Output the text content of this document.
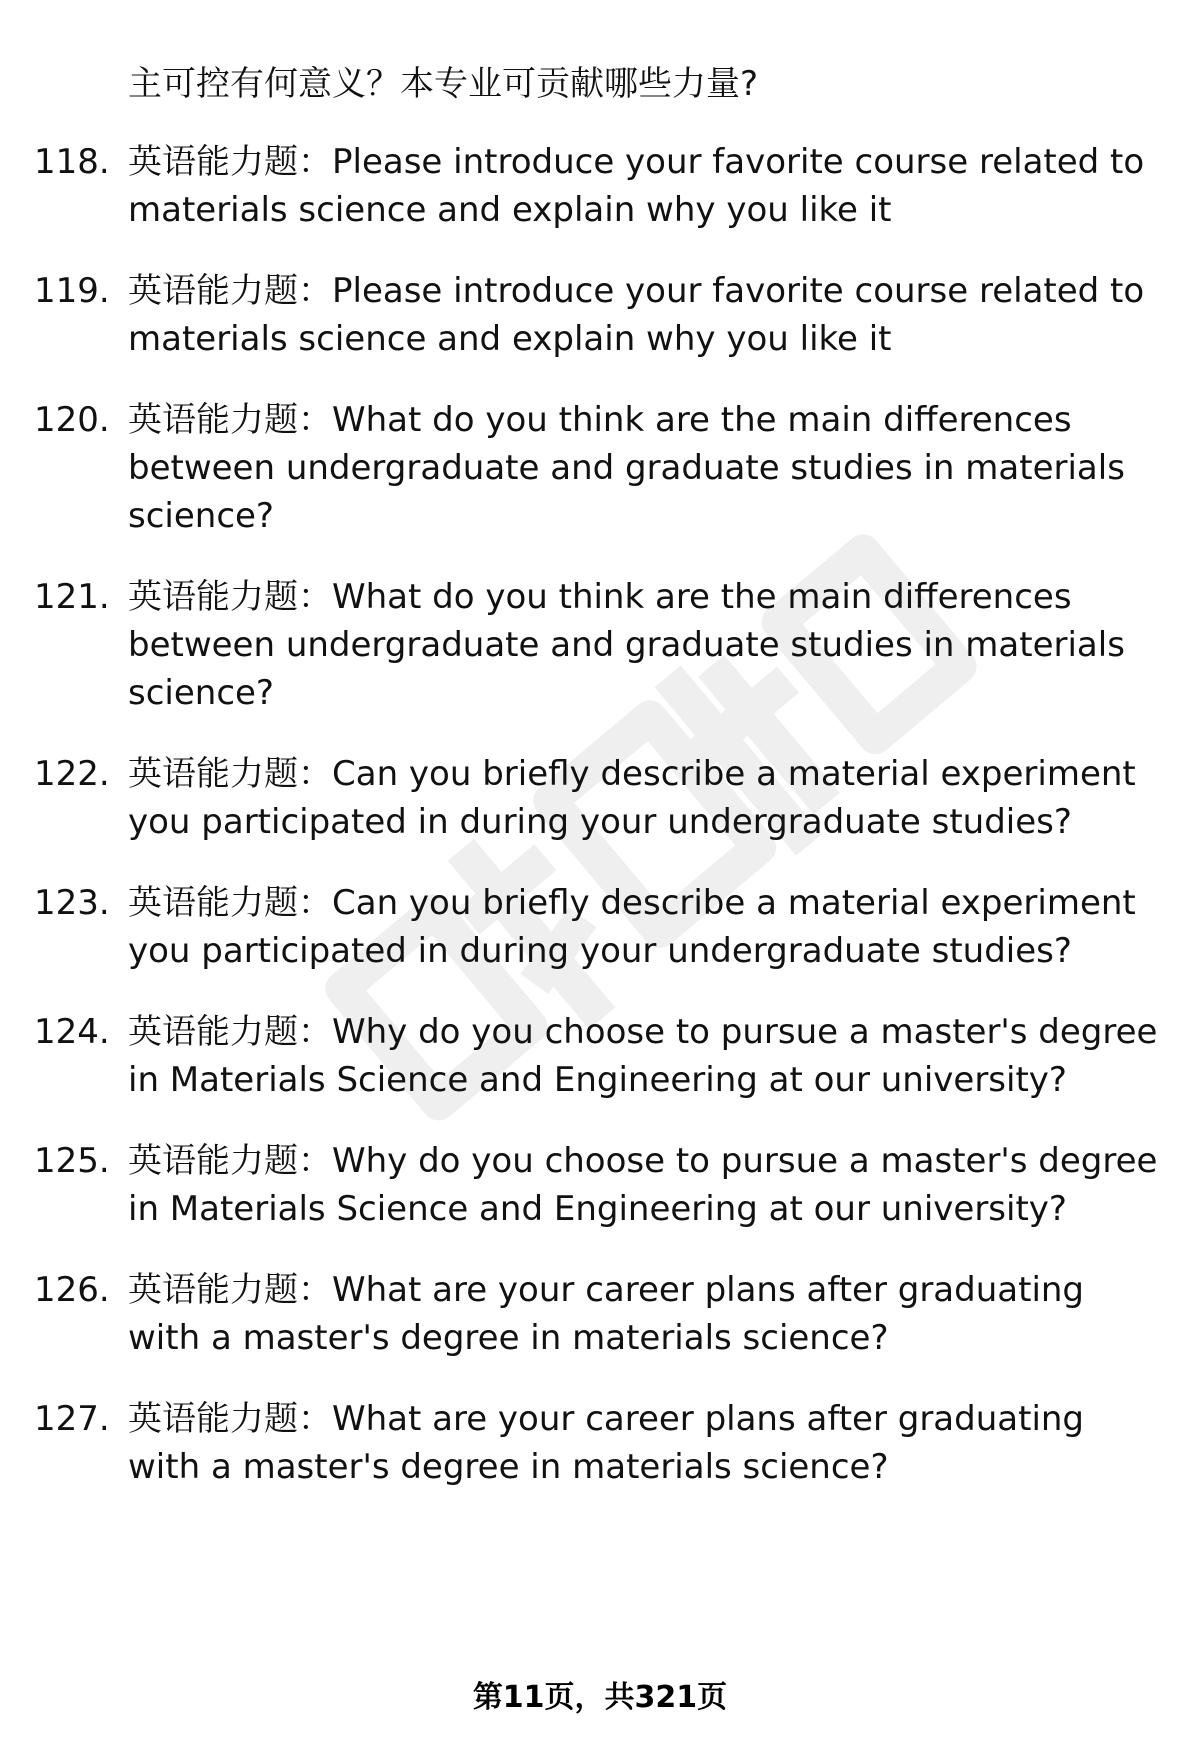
主可控有何意义？本专业可贡献哪些力量?

118. 英语能力题：Please introduce your favorite course related to materials science and explain why you like it
119. 英语能力题：Please introduce your favorite course related to materials science and explain why you like it
120. 英语能力题：What do you think are the main differences between undergraduate and graduate studies in materials science?
121. 英语能力题：What do you think are the main differences between undergraduate and graduate studies in materials science?
122. 英语能力题：Can you briefly describe a material experiment you participated in during your undergraduate studies?
123. 英语能力题：Can you briefly describe a material experiment you participated in during your undergraduate studies?
124. 英语能力题：Why do you choose to pursue a master's degree in Materials Science and Engineering at our university?
125. 英语能力题：Why do you choose to pursue a master's degree in Materials Science and Engineering at our university?
126. 英语能力题：What are your career plans after graduating with a master's degree in materials science?
127. 英语能力题：What are your career plans after graduating with a master's degree in materials science?
第11页，共321页
